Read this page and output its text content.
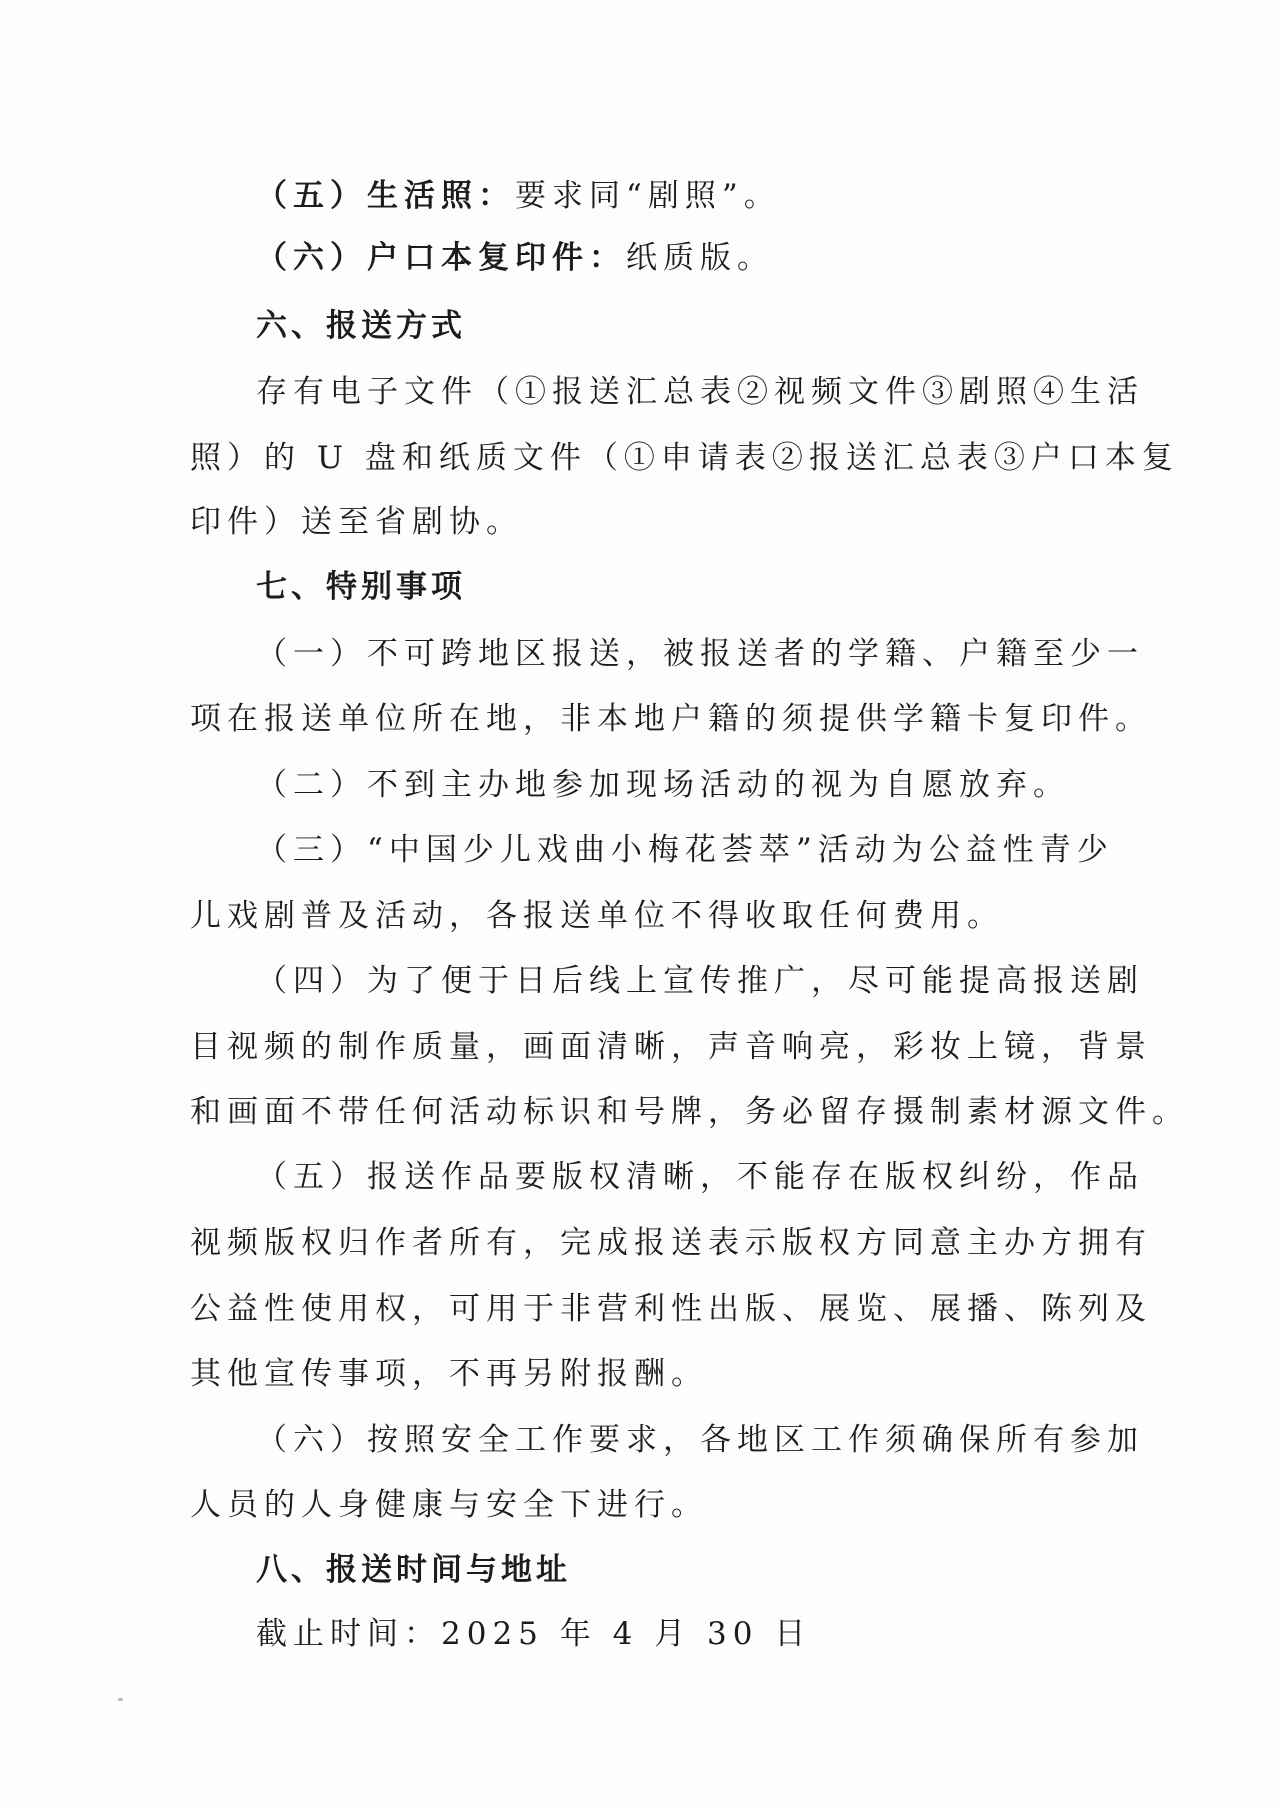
（五）生活照：要求同“剧照”。
（六）户口本复印件：纸质版。
六、报送方式
存有电子文件（①报送汇总表②视频文件③剧照④生活
照）的 U 盘和纸质文件（①申请表②报送汇总表③户口本复
印件）送至省剧协。
七、特别事项
（一）不可跨地区报送，被报送者的学籍、户籍至少一
项在报送单位所在地，非本地户籍的须提供学籍卡复印件。
（二）不到主办地参加现场活动的视为自愿放弃。
（三）“中国少儿戏曲小梅花荟萃”活动为公益性青少
儿戏剧普及活动，各报送单位不得收取任何费用。
（四）为了便于日后线上宣传推广，尽可能提高报送剧
目视频的制作质量，画面清晰，声音响亮，彩妆上镜，背景
和画面不带任何活动标识和号牌，务必留存摄制素材源文件。
（五）报送作品要版权清晰，不能存在版权纠纷，作品
视频版权归作者所有，完成报送表示版权方同意主办方拥有
公益性使用权，可用于非营利性出版、展览、展播、陈列及
其他宣传事项，不再另附报酬。
（六）按照安全工作要求，各地区工作须确保所有参加
人员的人身健康与安全下进行。
八、报送时间与地址
截止时间：2025 年 4 月 30 日
